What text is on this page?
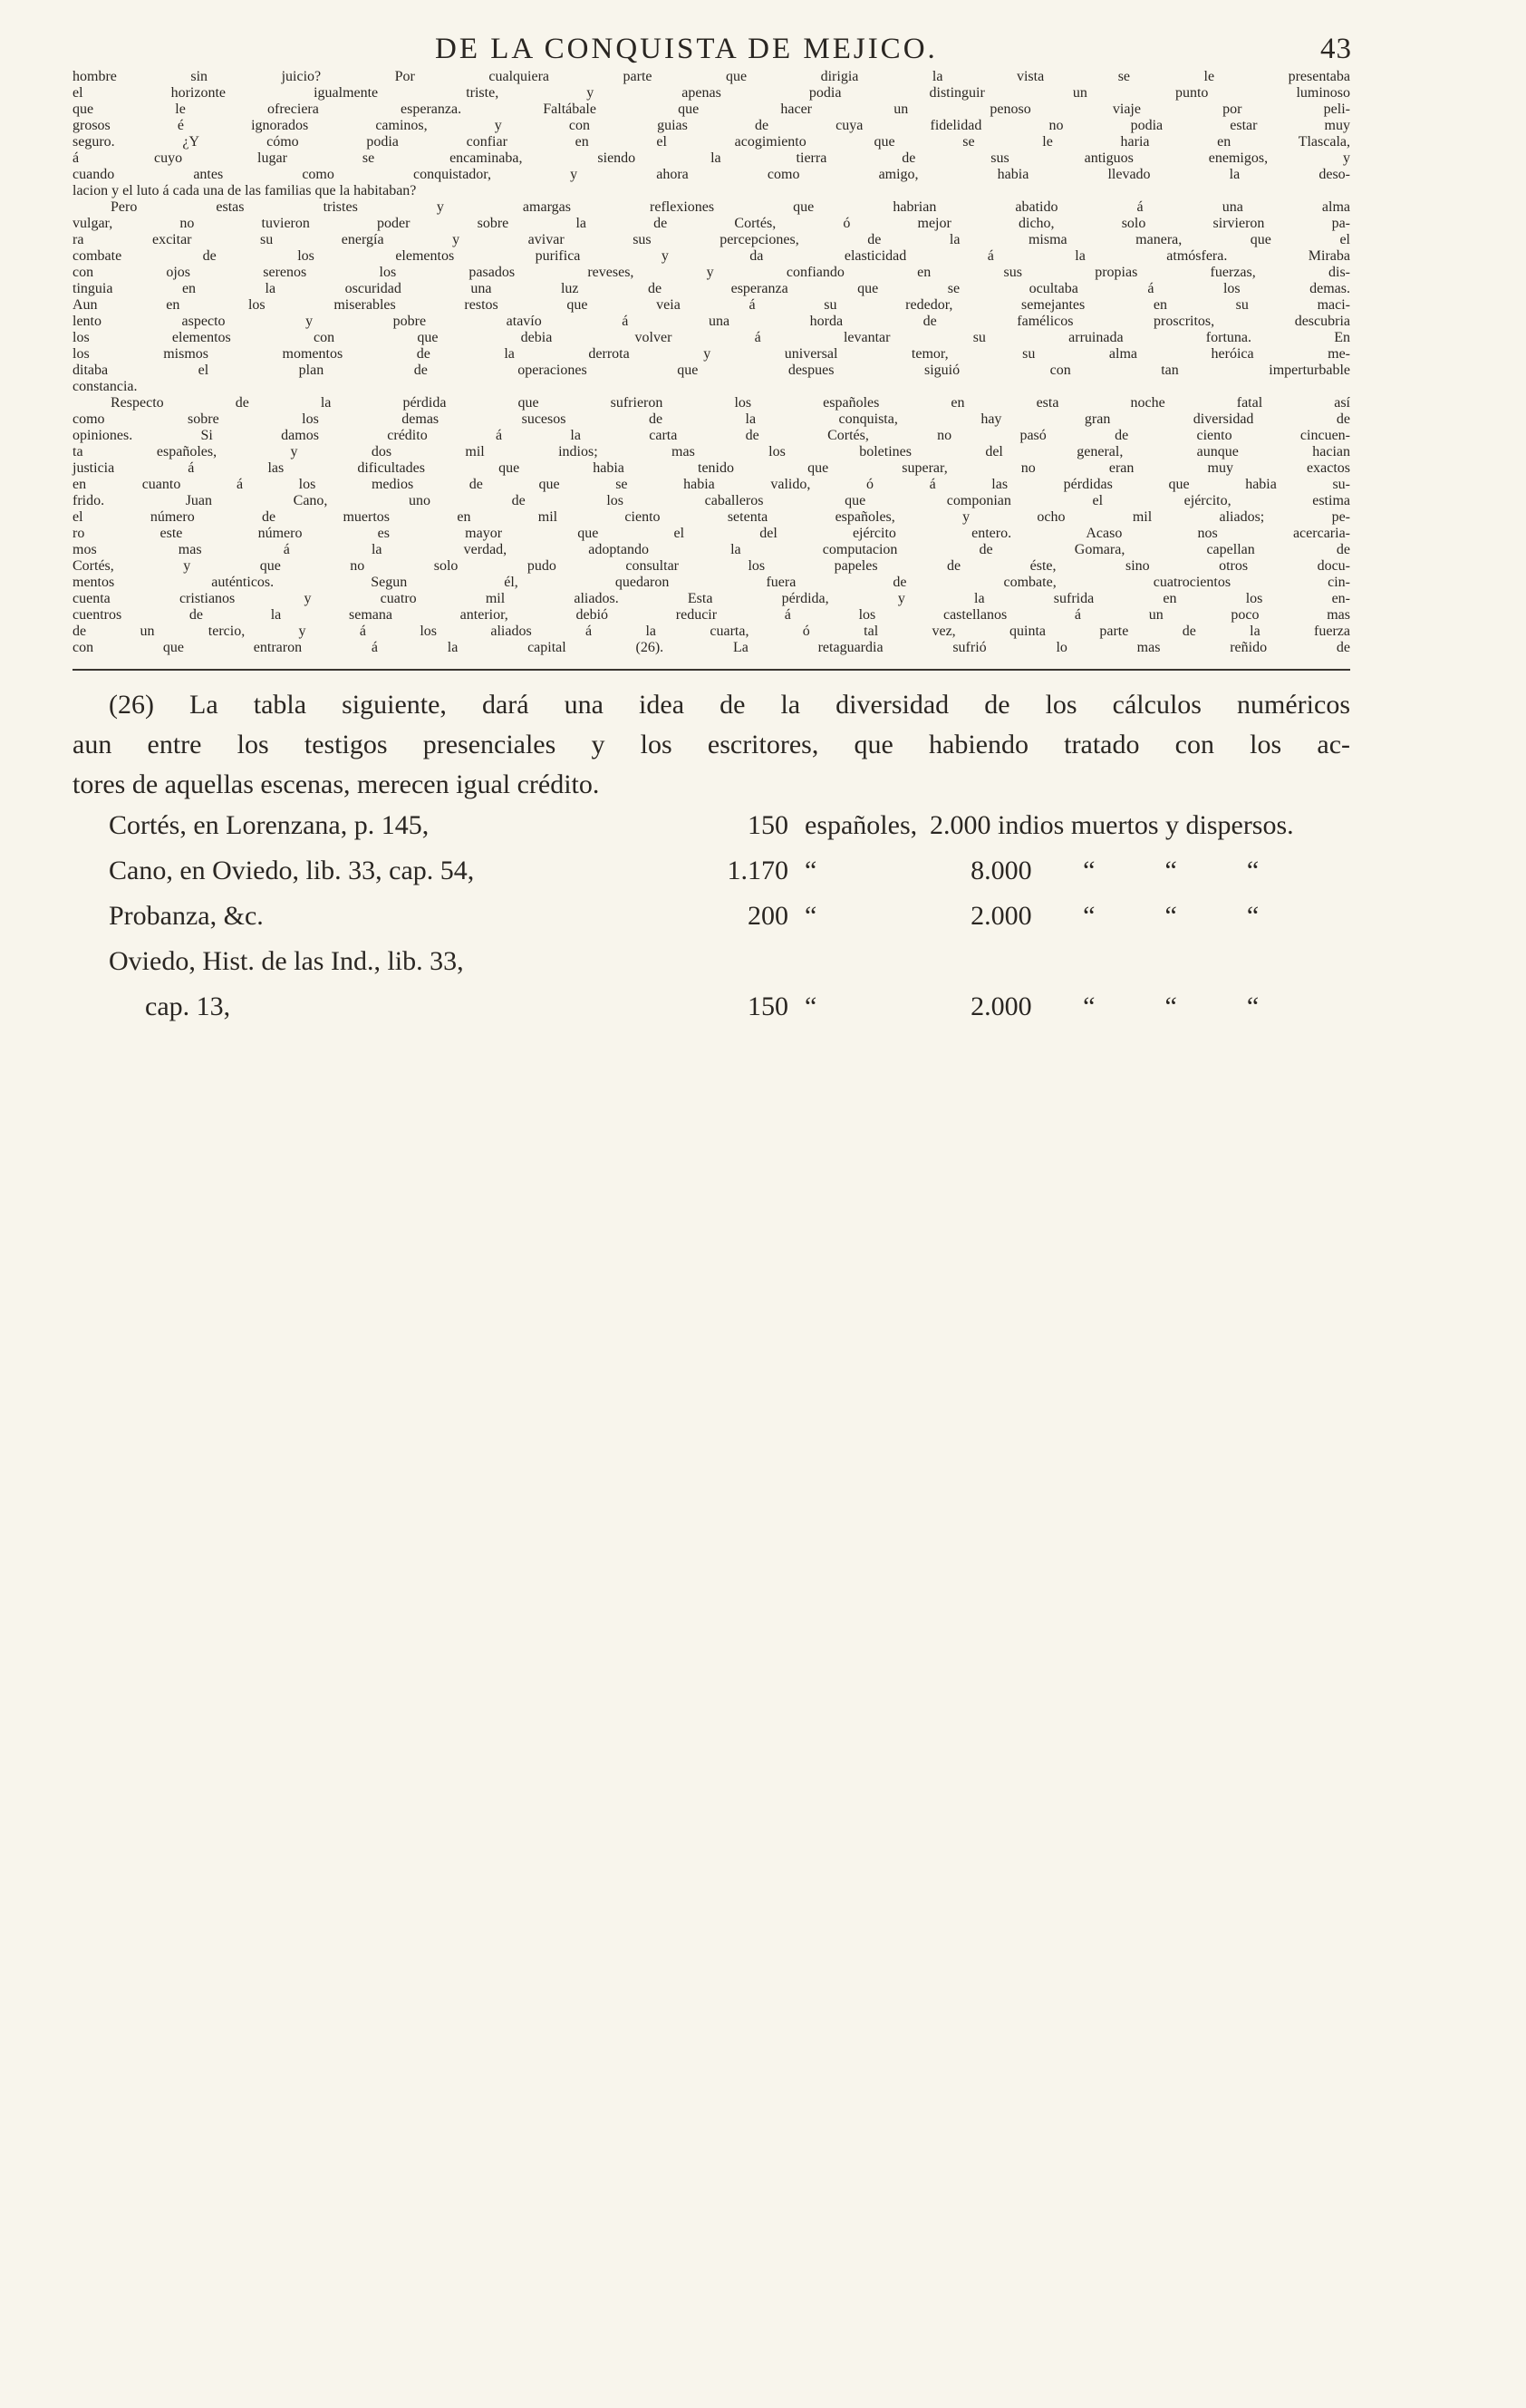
DE LA CONQUISTA DE MEJICO.	43
hombre sin juicio? Por cualquiera parte que dirigia la vista se le presentaba
el horizonte igualmente triste, y apenas podia distinguir un punto luminoso
que le ofreciera esperanza. Faltábale que hacer un penoso viaje por peli-
grosos é ignorados caminos, y con guias de cuya fidelidad no podia estar muy
seguro. ¿Y cómo podia confiar en el acogimiento que se le haria en Tlascala,
á cuyo lugar se encaminaba, siendo la tierra de sus antiguos enemigos, y
cuando antes como conquistador, y ahora como amigo, habia llevado la deso-
lacion y el luto á cada una de las familias que la habitaban?
Pero estas tristes y amargas reflexiones que habrian abatido á una alma
vulgar, no tuvieron poder sobre la de Cortés, ó mejor dicho, solo sirvieron pa-
ra excitar su energía y avivar sus percepciones, de la misma manera, que el
combate de los elementos purifica y da elasticidad á la atmósfera. Miraba
con ojos serenos los pasados reveses, y confiando en sus propias fuerzas, dis-
tinguia en la oscuridad una luz de esperanza que se ocultaba á los demas.
Aun en los miserables restos que veia á su rededor, semejantes en su maci-
lento aspecto y pobre atavío á una horda de famélicos proscritos, descubria
los elementos con que debia volver á levantar su arruinada fortuna. En
los mismos momentos de la derrota y universal temor, su alma heróica me-
ditaba el plan de operaciones que despues siguió con tan imperturbable
constancia.
Respecto de la pérdida que sufrieron los españoles en esta noche fatal así
como sobre los demas sucesos de la conquista, hay gran diversidad de
opiniones. Si damos crédito á la carta de Cortés, no pasó de ciento cincuen-
ta españoles, y dos mil indios; mas los boletines del general, aunque hacian
justicia á las dificultades que habia tenido que superar, no eran muy exactos
en cuanto á los medios de que se habia valido, ó á las pérdidas que habia su-
frido. Juan Cano, uno de los caballeros que componian el ejército, estima
el número de muertos en mil ciento setenta españoles, y ocho mil aliados; pe-
ro este número es mayor que el del ejército entero. Acaso nos acercaria-
mos mas á la verdad, adoptando la computacion de Gomara, capellan de
Cortés, y que no solo pudo consultar los papeles de éste, sino otros docu-
mentos auténticos. Segun él, quedaron fuera de combate, cuatrocientos cin-
cuenta cristianos y cuatro mil aliados. Esta pérdida, y la sufrida en los en-
cuentros de la semana anterior, debió reducir á los castellanos á un poco mas
de un tercio, y á los aliados á la cuarta, ó tal vez, quinta parte de la fuerza
con que entraron á la capital (26). La retaguardia sufrió lo mas reñido de
(26) La tabla siguiente, dará una idea de la diversidad de los cálculos numéricos
aun entre los testigos presenciales y los escritores, que habiendo tratado con los ac-
tores de aquellas escenas, merecen igual crédito.
Cortés, en Lorenzana, p. 145,	150	españoles,	2.000 indios muertos y dispersos.			
Cano, en Oviedo, lib. 33, cap. 54,	1.170	“	8.000	“	“	“
Probanza, &c.	200	“	2.000	“	“	“
Oviedo, Hist. de las Ind., lib. 33,						
cap. 13,	150	“	2.000	“	“	“
